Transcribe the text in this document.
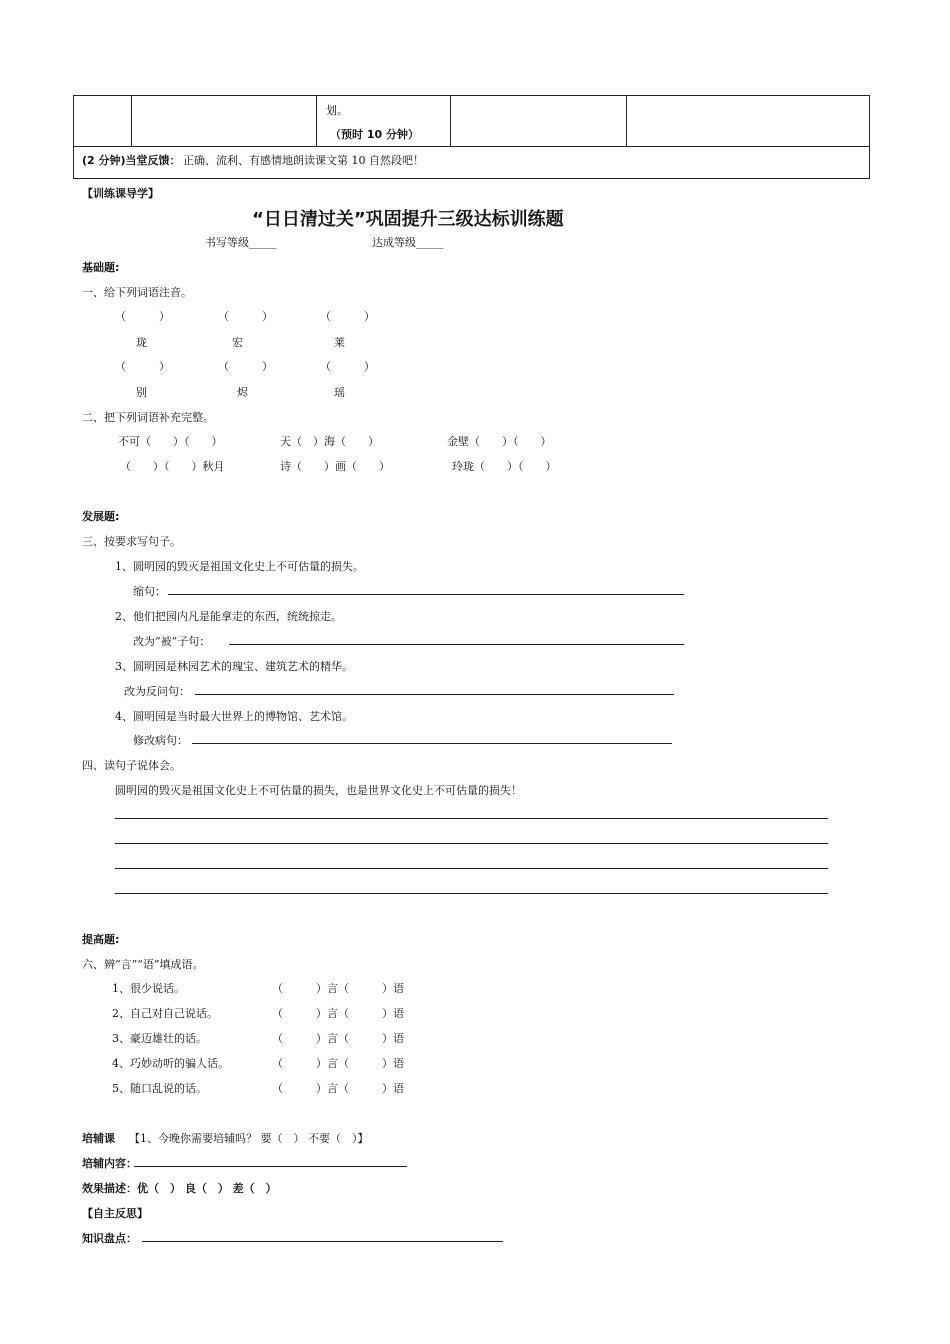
划。
（预时 10 分钟）
(2 分钟)当堂反馈： 正确、流利、有感情地朗读课文第 10 自然段吧！
【训练课导学】
“日日清过关”巩固提升三级达标训练题
书写等级_____	达成等级_____
基础题:
一、给下列词语注音。
（　　　）	（　　　）	（　　　）
珑	宏	莱
（　　　）	（　　　）	（　　　）
别	烬	瑶
二、把下列词语补充完整。
不可（　　）（　　）	天（　）海（　　）	金壁（　　）（　　）
（　　）（　　）秋月	诗（　　）画（　　）	玲珑（　　）（　　）
发展题:
三、按要求写句子。
1、圆明园的毁灭是祖国文化史上不可估量的损失。
缩句：
2、他们把园内凡是能拿走的东西，统统掠走。
改为“被”子句：
3、圆明园是林园艺术的瑰宝、建筑艺术的精华。
改为反问句：
4、圆明园是当时最大世界上的博物馆、艺术馆。
修改病句：
四、读句子说体会。
圆明园的毁灭是祖国文化史上不可估量的损失，也是世界文化史上不可估量的损失！
提高题:
六、辨“言”“语”填成语。
1、很少说话。	（　　　）言（　　　）语
2、自己对自己说话。	（　　　）言（　　　）语
3、豪迈雄壮的话。	（　　　）言（　　　）语
4、巧妙动听的骗人话。	（　　　）言（　　　）语
5、随口乱说的话。	（　　　）言（　　　）语
培辅课 【1、今晚你需要培辅吗？ 要（　） 不要（　）】
培辅内容：
效果描述：优（　） 良（　） 差（　）
【自主反思】
知识盘点：
